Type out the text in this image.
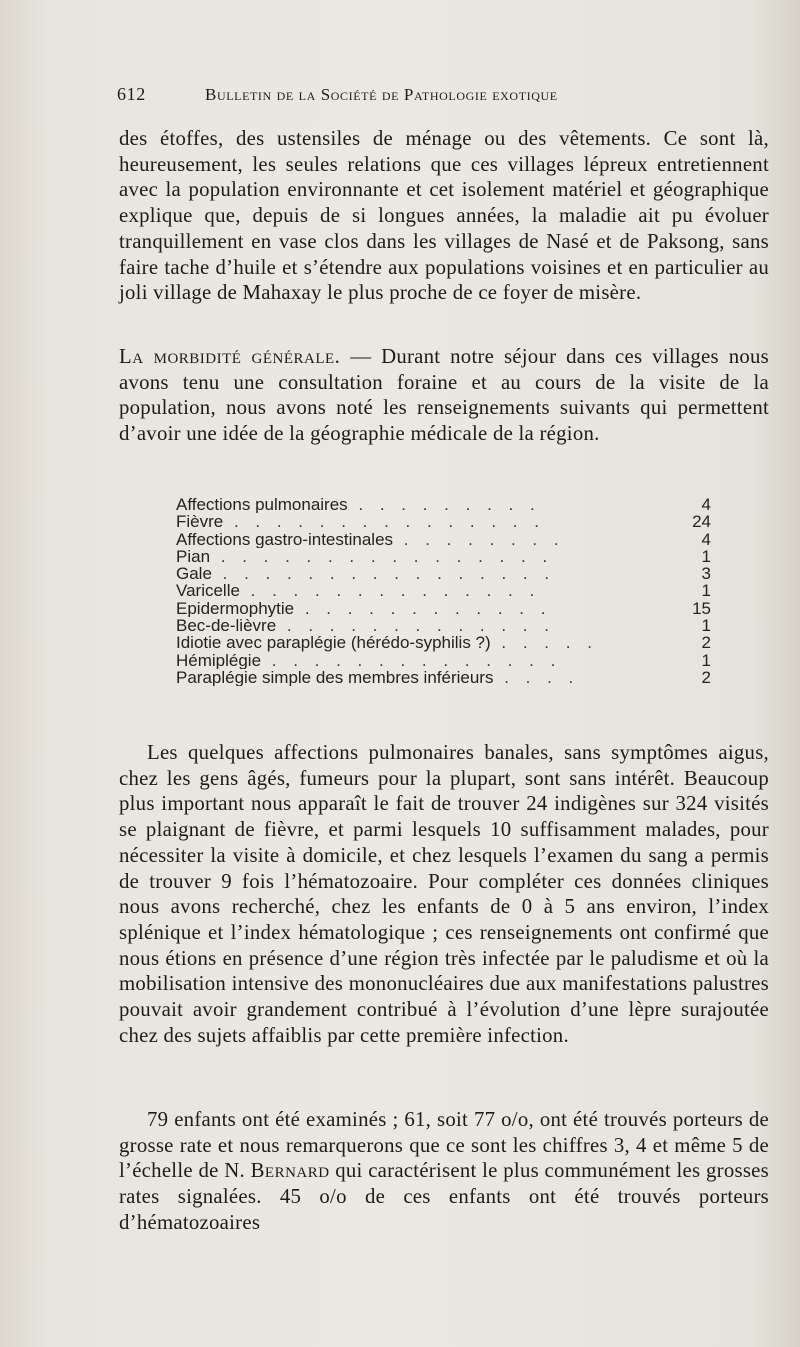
612	Bulletin de la Société de Pathologie exotique
des étoffes, des ustensiles de ménage ou des vêtements. Ce sont là, heureusement, les seules relations que ces villages lépreux entretiennent avec la population environnante et cet isolement matériel et géographique explique que, depuis de si longues années, la maladie ait pu évoluer tranquillement en vase clos dans les villages de Nasé et de Paksong, sans faire tache d’huile et s’étendre aux populations voisines et en particulier au joli village de Mahaxay le plus proche de ce foyer de misère.
La morbidité générale. — Durant notre séjour dans ces villages nous avons tenu une consultation foraine et au cours de la visite de la population, nous avons noté les renseignements suivants qui permettent d’avoir une idée de la géographie médicale de la région.
Affections pulmonaires . . . . . . . . .	4
Fièvre . . . . . . . . . . . . . . .	24
Affections gastro-intestinales . . . . . . . .	4
Pian . . . . . . . . . . . . . . . .	1
Gale . . . . . . . . . . . . . . . .	3
Varicelle . . . . . . . . . . . . . .	1
Epidermophytie . . . . . . . . . . . .	15
Bec-de-lièvre . . . . . . . . . . . . .	1
Idiotie avec paraplégie (hérédo-syphilis ?) . . . . .	2
Hémiplégie . . . . . . . . . . . . . .	1
Paraplégie simple des membres inférieurs . . . .	2
Les quelques affections pulmonaires banales, sans symptômes aigus, chez les gens âgés, fumeurs pour la plupart, sont sans intérêt. Beaucoup plus important nous apparaît le fait de trouver 24 indigènes sur 324 visités se plaignant de fièvre, et parmi lesquels 10 suffisamment malades, pour nécessiter la visite à domicile, et chez lesquels l’examen du sang a permis de trouver 9 fois l’hématozoaire. Pour compléter ces données cliniques nous avons recherché, chez les enfants de 0 à 5 ans environ, l’index splénique et l’index hématologique ; ces renseignements ont confirmé que nous étions en présence d’une région très infectée par le paludisme et où la mobilisation intensive des mononucléaires due aux manifestations palustres pouvait avoir grandement contribué à l’évolution d’une lèpre surajoutée chez des sujets affaiblis par cette première infection.
79 enfants ont été examinés ; 61, soit 77 o/o, ont été trouvés porteurs de grosse rate et nous remarquerons que ce sont les chiffres 3, 4 et même 5 de l’échelle de N. Bernard qui caractérisent le plus communément les grosses rates signalées. 45 o/o de ces enfants ont été trouvés porteurs d’hématozoaires
